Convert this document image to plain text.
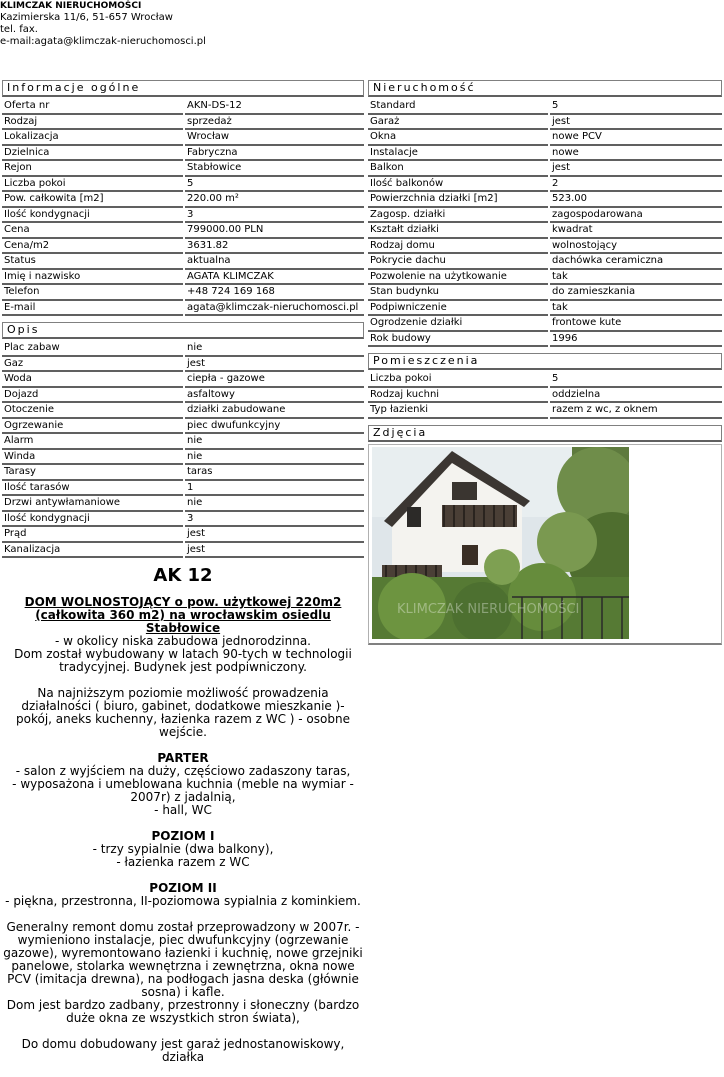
KLIMCZAK NIERUCHOMOŚCI
Kazimierska 11/6, 51-657 Wrocław
tel. fax.
e-mail:agata@klimczak-nieruchomosci.pl
Informacje ogólne
Oferta nr	AKN-DS-12
Rodzaj	sprzedaż
Lokalizacja	Wrocław
Dzielnica	Fabryczna
Rejon	Stabłowice
Liczba pokoi	5
Pow. całkowita [m2]	220.00 m²
Ilość kondygnacji	3
Cena	799000.00 PLN
Cena/m2	3631.82
Status	aktualna
Imię i nazwisko	AGATA KLIMCZAK
Telefon	+48 724 169 168
E-mail	agata@klimczak-nieruchomosci.pl
Opis
Plac zabaw	nie
Gaz	jest
Woda	ciepła - gazowe
Dojazd	asfaltowy
Otoczenie	działki zabudowane
Ogrzewanie	piec dwufunkcyjny
Alarm	nie
Winda	nie
Tarasy	taras
Ilość tarasów	1
Drzwi antywłamaniowe	nie
Ilość kondygnacji	3
Prąd	jest
Kanalizacja	jest
AK 12
DOM WOLNOSTOJĄCY o pow. użytkowej 220m2 (całkowita 360 m2) na wrocławskim osiedlu Stabłowice

- w okolicy niska zabudowa jednorodzinna.
Dom został wybudowany w latach 90-tych w technologii tradycyjnej. Budynek jest podpiwniczony.

Na najniższym poziomie możliwość prowadzenia działalności ( biuro, gabinet, dodatkowe mieszkanie )- pokój, aneks kuchenny, łazienka razem z WC ) - osobne wejście.

PARTER

- salon z wyjściem na duży, częściowo zadaszony taras,
- wyposażona i umeblowana kuchnia (meble na wymiar - 2007r) z jadalnią,
- hall, WC

POZIOM I

- trzy sypialnie (dwa balkony),
- łazienka razem z WC

POZIOM II

- piękna, przestronna, II-poziomowa sypialnia z kominkiem.

Generalny remont domu został przeprowadzony w 2007r. - wymieniono instalacje, piec dwufunkcyjny (ogrzewanie gazowe), wyremontowano łazienki i kuchnię, nowe grzejniki panelowe, stolarka wewnętrzna i zewnętrzna, okna nowe PCV (imitacja drewna), na podłogach jasna deska (głównie sosna) i kafle.
Dom jest bardzo zadbany, przestronny i słoneczny (bardzo duże okna ze wszystkich stron świata),

Do domu dobudowany jest garaż jednostanowiskowy, działka

Nieruchomość
Standard	5
Garaż	jest
Okna	nowe PCV
Instalacje	nowe
Balkon	jest
Ilość balkonów	2
Powierzchnia działki [m2]	523.00
Zagosp. działki	zagospodarowana
Kształt działki	kwadrat
Rodzaj domu	wolnostojący
Pokrycie dachu	dachówka ceramiczna
Pozwolenie na użytkowanie	tak
Stan budynku	do zamieszkania
Podpiwniczenie	tak
Ogrodzenie działki	frontowe kute
Rok budowy	1996
Pomieszczenia
Liczba pokoi	5
Rodzaj kuchni	oddzielna
Typ łazienki	razem z wc, z oknem
Zdjęcia
KLIMCZAK NIERUCHOMOŚCI
